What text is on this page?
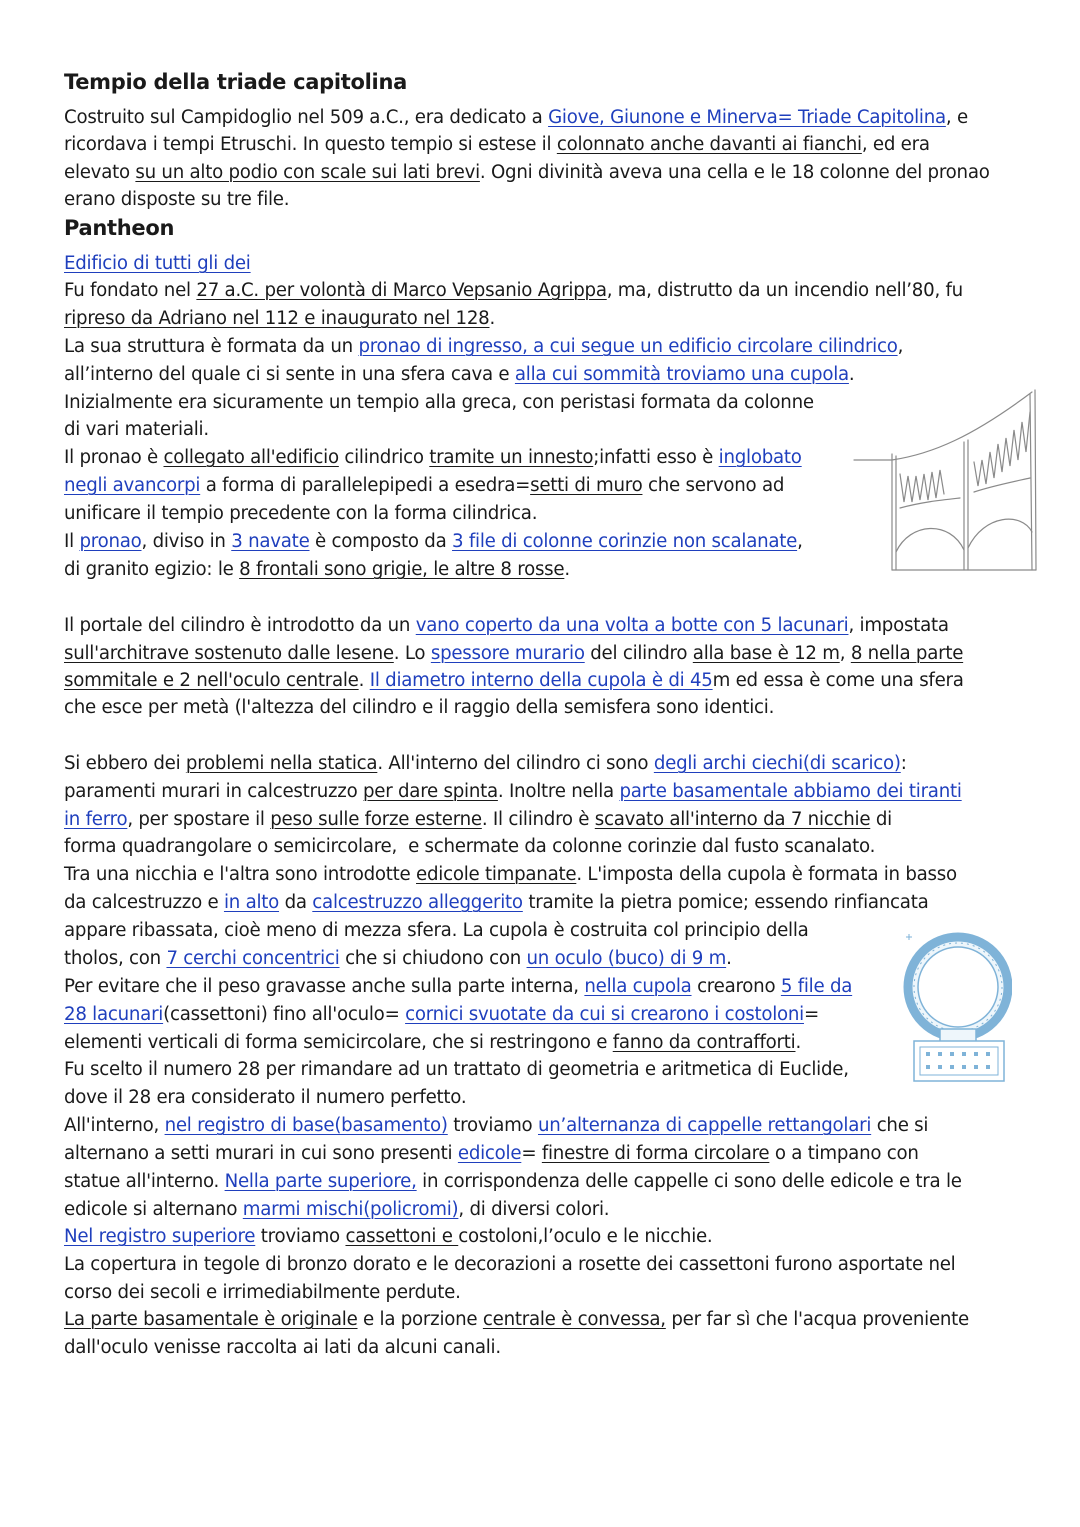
Tempio della triade capitolina
Pantheon
Costruito sul Campidoglio nel 509 a.C., era dedicato a Giove, Giunone e Minerva= Triade Capitolina, e
ricordava i tempi Etruschi. In questo tempio si estese il colonnato anche davanti ai fianchi, ed era
elevato su un alto podio con scale sui lati brevi. Ogni divinità aveva una cella e le 18 colonne del pronao
erano disposte su tre file.
Edificio di tutti gli dei
Fu fondato nel 27 a.C. per volontà di Marco Vepsanio Agrippa, ma, distrutto da un incendio nell’80, fu
ripreso da Adriano nel 112 e inaugurato nel 128.
La sua struttura è formata da un pronao di ingresso, a cui segue un edificio circolare cilindrico,
all’interno del quale ci si sente in una sfera cava e alla cui sommità troviamo una cupola.
Inizialmente era sicuramente un tempio alla greca, con peristasi formata da colonne
di vari materiali.
Il pronao è collegato all'edificio cilindrico tramite un innesto;infatti esso è inglobato
negli avancorpi a forma di parallelepipedi a esedra=setti di muro che servono ad
unificare il tempio precedente con la forma cilindrica.
Il pronao, diviso in 3 navate è composto da 3 file di colonne corinzie non scalanate,
di granito egizio: le 8 frontali sono grigie, le altre 8 rosse.
Il portale del cilindro è introdotto da un vano coperto da una volta a botte con 5 lacunari, impostata
sull'architrave sostenuto dalle lesene. Lo spessore murario del cilindro alla base è 12 m, 8 nella parte
sommitale e 2 nell'oculo centrale. Il diametro interno della cupola è di 45m ed essa è come una sfera
che esce per metà (l'altezza del cilindro e il raggio della semisfera sono identici.
Si ebbero dei problemi nella statica. All'interno del cilindro ci sono degli archi ciechi(di scarico):
paramenti murari in calcestruzzo per dare spinta. Inoltre nella parte basamentale abbiamo dei tiranti
in ferro, per spostare il peso sulle forze esterne. Il cilindro è scavato all'interno da 7 nicchie di
forma quadrangolare o semicircolare,  e schermate da colonne corinzie dal fusto scanalato.
Tra una nicchia e l'altra sono introdotte edicole timpanate. L'imposta della cupola è formata in basso
da calcestruzzo e in alto da calcestruzzo alleggerito tramite la pietra pomice; essendo rinfiancata
appare ribassata, cioè meno di mezza sfera. La cupola è costruita col principio della
tholos, con 7 cerchi concentrici che si chiudono con un oculo (buco) di 9 m.
Per evitare che il peso gravasse anche sulla parte interna, nella cupola crearono 5 file da
28 lacunari(cassettoni) fino all'oculo= cornici svuotate da cui si crearono i costoloni=
elementi verticali di forma semicircolare, che si restringono e fanno da contrafforti.
Fu scelto il numero 28 per rimandare ad un trattato di geometria e aritmetica di Euclide,
dove il 28 era considerato il numero perfetto.
All'interno, nel registro di base(basamento) troviamo un’alternanza di cappelle rettangolari che si
alternano a setti murari in cui sono presenti edicole= finestre di forma circolare o a timpano con
statue all'interno. Nella parte superiore, in corrispondenza delle cappelle ci sono delle edicole e tra le
edicole si alternano marmi mischi(policromi), di diversi colori.
Nel registro superiore troviamo cassettoni e costoloni,l’oculo e le nicchie.
La copertura in tegole di bronzo dorato e le decorazioni a rosette dei cassettoni furono asportate nel
corso dei secoli e irrimediabilmente perdute.
La parte basamentale è originale e la porzione centrale è convessa, per far sì che l'acqua proveniente
dall'oculo venisse raccolta ai lati da alcuni canali.
